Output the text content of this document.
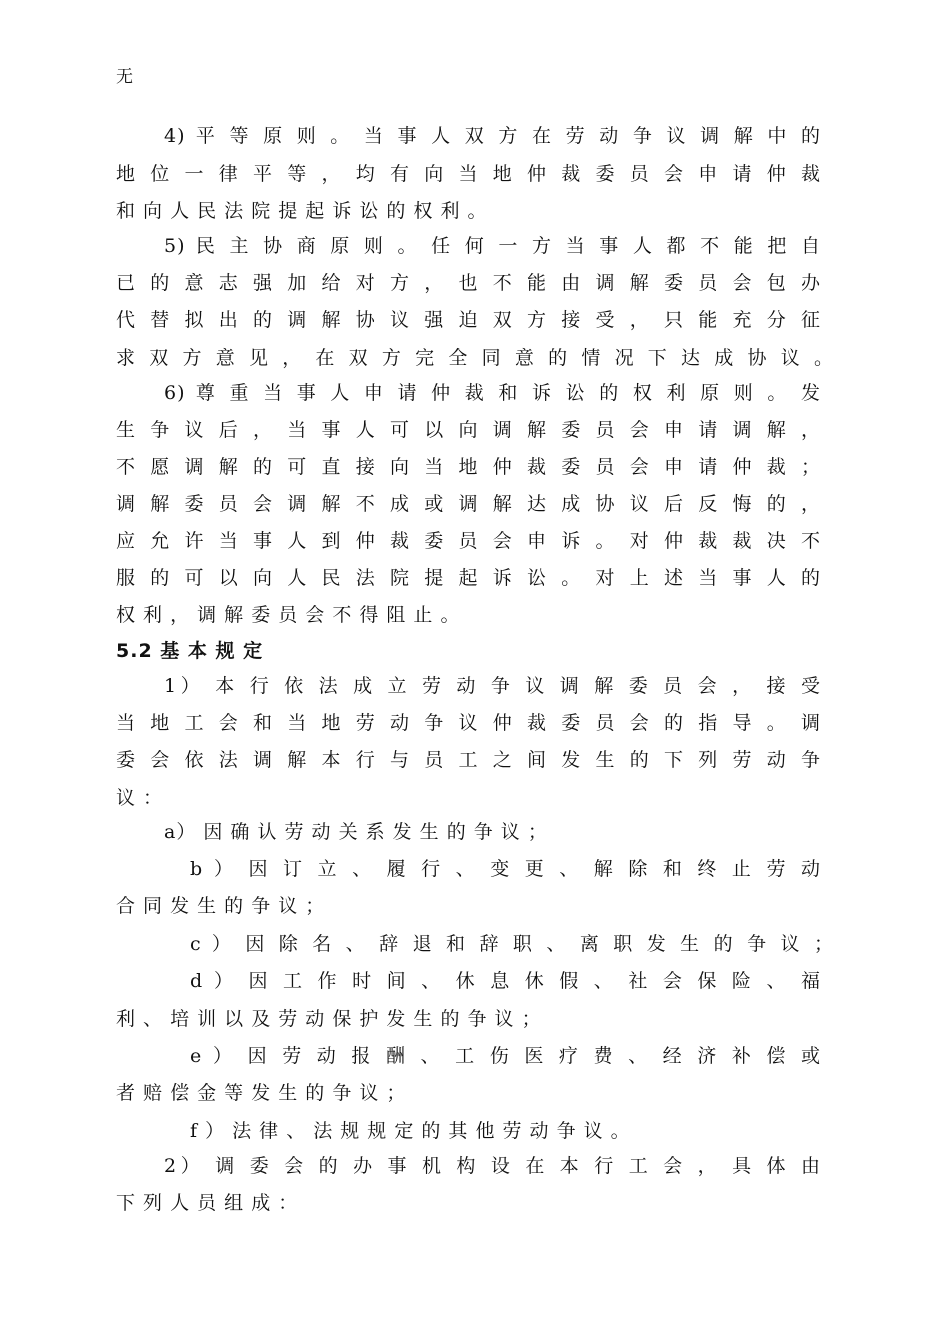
无
4) 平 等 原 则 。 当 事 人 双 方 在 劳 动 争 议 调 解 中 的
地 位 一 律 平 等 ， 均 有 向 当 地 仲 裁 委 员 会 申 请 仲 裁
和 向 人 民 法 院 提 起 诉 讼 的 权 利 。
5) 民 主 协 商 原 则 。 任 何 一 方 当 事 人 都 不 能 把 自
已 的 意 志 强 加 给 对 方 ， 也 不 能 由 调 解 委 员 会 包 办
代 替 拟 出 的 调 解 协 议 强 迫 双 方 接 受 ， 只 能 充 分 征
求 双 方 意 见 ， 在 双 方 完 全 同 意 的 情 况 下 达 成 协 议 。
6) 尊 重 当 事 人 申 请 仲 裁 和 诉 讼 的 权 利 原 则 。 发
生 争 议 后 ， 当 事 人 可 以 向 调 解 委 员 会 申 请 调 解 ，
不 愿 调 解 的 可 直 接 向 当 地 仲 裁 委 员 会 申 请 仲 裁 ；
调 解 委 员 会 调 解 不 成 或 调 解 达 成 协 议 后 反 悔 的 ，
应 允 许 当 事 人 到 仲 裁 委 员 会 申 诉 。 对 仲 裁 裁 决 不
服 的 可 以 向 人 民 法 院 提 起 诉 讼 。 对 上 述 当 事 人 的
权 利 ， 调 解 委 员 会 不 得 阻 止 。
5.2 基 本 规 定
1） 本 行 依 法 成 立 劳 动 争 议 调 解 委 员 会 ， 接 受
当 地 工 会 和 当 地 劳 动 争 议 仲 裁 委 员 会 的 指 导 。 调
委 会 依 法 调 解 本 行 与 员 工 之 间 发 生 的 下 列 劳 动 争
议 ：
a） 因 确 认 劳 动 关 系 发 生 的 争 议 ；
b ） 因 订 立 、 履 行 、 变 更 、 解 除 和 终 止 劳 动
合 同 发 生 的 争 议 ；
c ） 因 除 名 、 辞 退 和 辞 职 、 离 职 发 生 的 争 议 ；
d ） 因 工 作 时 间 、 休 息 休 假 、 社 会 保 险 、 福
利 、 培 训 以 及 劳 动 保 护 发 生 的 争 议 ；
e ） 因 劳 动 报 酬 、 工 伤 医 疗 费 、 经 济 补 偿 或
者 赔 偿 金 等 发 生 的 争 议 ；
f ） 法 律 、 法 规 规 定 的 其 他 劳 动 争 议 。
2） 调 委 会 的 办 事 机 构 设 在 本 行 工 会 ， 具 体 由
下 列 人 员 组 成 ：
